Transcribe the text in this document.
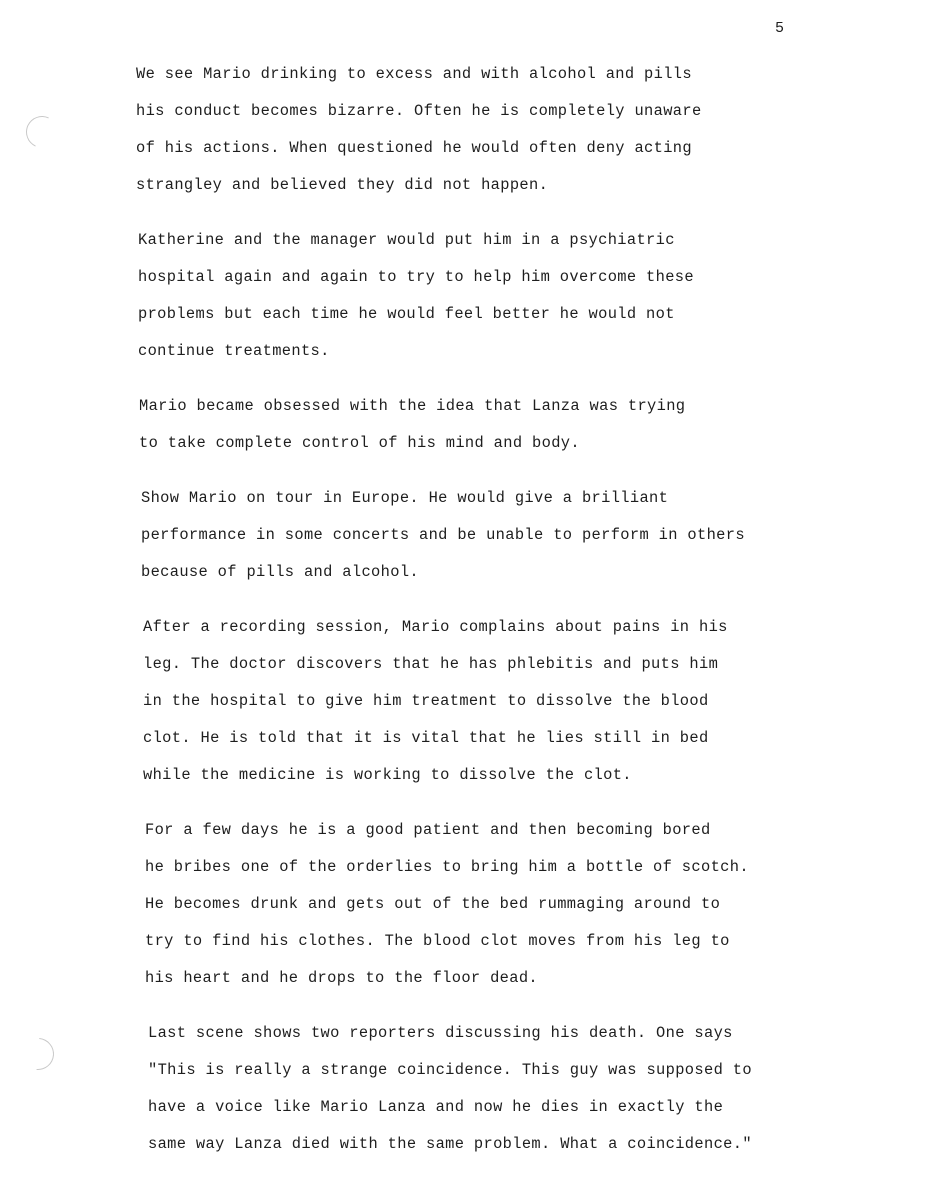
5
We see Mario drinking to excess and with alcohol and pills
his conduct becomes bizarre. Often he is completely unaware
of his actions. When questioned he would often deny acting
strangley and believed they did not happen.
Katherine and the manager would put him in a psychiatric
hospital again and again to try to help him overcome these
problems but each time he would feel better he would not
continue treatments.
Mario became obsessed with the idea that Lanza was trying
to take complete control of his mind and body.
Show Mario on tour in Europe. He would give a brilliant
performance in some concerts and be unable to perform in others
because of pills and alcohol.
After a recording session, Mario complains about pains in his
leg. The doctor discovers that he has phlebitis and puts him
in the hospital to give him treatment to dissolve the blood
clot. He is told that it is vital that he lies still in bed
while the medicine is working to dissolve the clot.
For a few days he is a good patient and then becoming bored
he bribes one of the orderlies to bring him a bottle of scotch.
He becomes drunk and gets out of the bed rummaging around to
try to find his clothes. The blood clot moves from his leg to
his heart and he drops to the floor dead.
Last scene shows two reporters discussing his death. One says
"This is really a strange coincidence. This guy was supposed to
have a voice like Mario Lanza and now he dies in exactly the
same way Lanza died with the same problem. What a coincidence."
